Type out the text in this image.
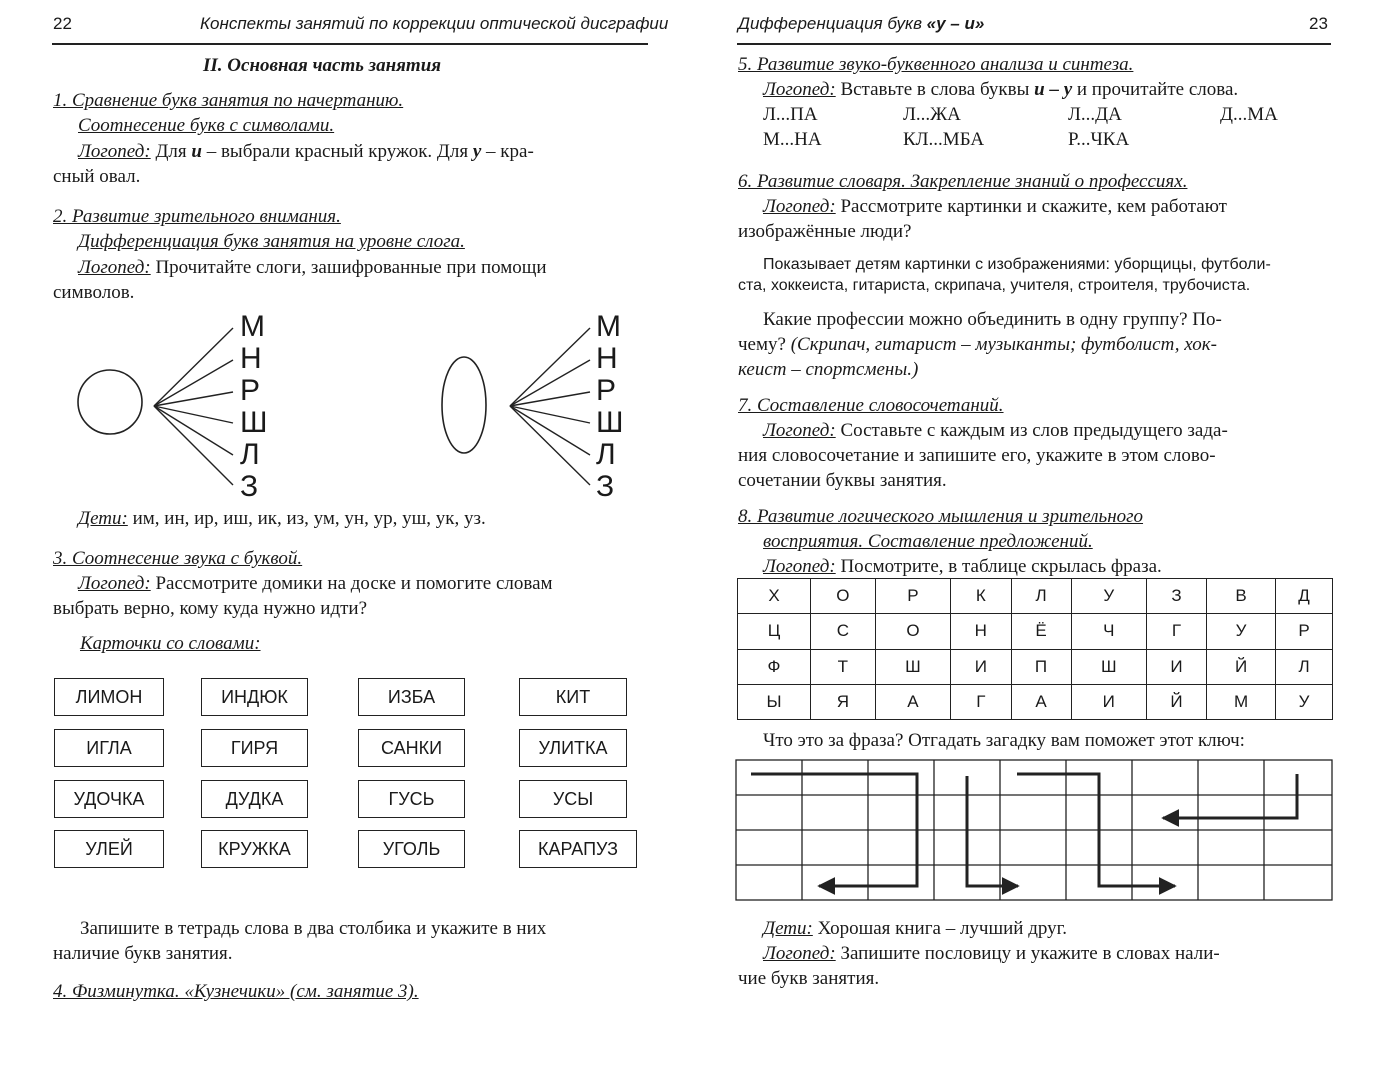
22	Конспекты занятий по коррекции оптической дисграфии
II. Основная часть занятия
1. Сравнение букв занятия по начертанию.
Соотнесение букв с символами.
Логопед: Для и – выбрали красный кружок. Для у – кра-
сный овал.
2. Развитие зрительного внимания.
Дифференциация букв занятия на уровне слога.
Логопед: Прочитайте слоги, зашифрованные при помощи
символов.
М
Н
Р
Ш
Л
З
М
Н
Р
Ш
Л
З
Дети: им, ин, ир, иш, ик, из, ум, ун, ур, уш, ук, уз.
3. Соотнесение звука с буквой.
Логопед: Рассмотрите домики на доске и помогите словам
выбрать верно, кому куда нужно идти?
Карточки со словами:
ЛИМОН	ИНДЮК	ИЗБА	КИТ
ИГЛА	ГИРЯ	САНКИ	УЛИТКА
УДОЧКА	ДУДКА	ГУСЬ	УСЫ
УЛЕЙ	КРУЖКА	УГОЛЬ	КАРАПУЗ
Запишите в тетрадь слова в два столбика и укажите в них
наличие букв занятия.
4. Физминутка. «Кузнечики» (см. занятие 3).
Дифференциация букв «у – и»	23
5. Развитие звуко-буквенного анализа и синтеза.
Логопед: Вставьте в слова буквы и – у и прочитайте слова.
Л...ПА	Л...ЖА	Л...ДА	Д...МА
М...НА	КЛ...МБА	Р...ЧКА
6. Развитие словаря. Закрепление знаний о профессиях.
Логопед: Рассмотрите картинки и скажите, кем работают
изображённые люди?
Показывает детям картинки с изображениями: уборщицы, футболи-
ста, хоккеиста, гитариста, скрипача, учителя, строителя, трубочиста.
Какие профессии можно объединить в одну группу? По-
чему? (Скрипач, гитарист – музыканты; футболист, хок-
кеист – спортсмены.)
7. Составление словосочетаний.
Логопед: Составьте с каждым из слов предыдущего зада-
ния словосочетание и запишите его, укажите в этом слово-
сочетании буквы занятия.
8. Развитие логического мышления и зрительного
восприятия. Составление предложений.
Логопед: Посмотрите, в таблице скрылась фраза.
Х	О	Р	К	Л	У	З	В	Д
Ц	С	О	Н	Ё	Ч	Г	У	Р
Ф	Т	Ш	И	П	Ш	И	Й	Л
Ы	Я	А	Г	А	И	Й	М	У
Что это за фраза? Отгадать загадку вам поможет этот ключ:
Дети: Хорошая книга – лучший друг.
Логопед: Запишите пословицу и укажите в словах нали-
чие букв занятия.
